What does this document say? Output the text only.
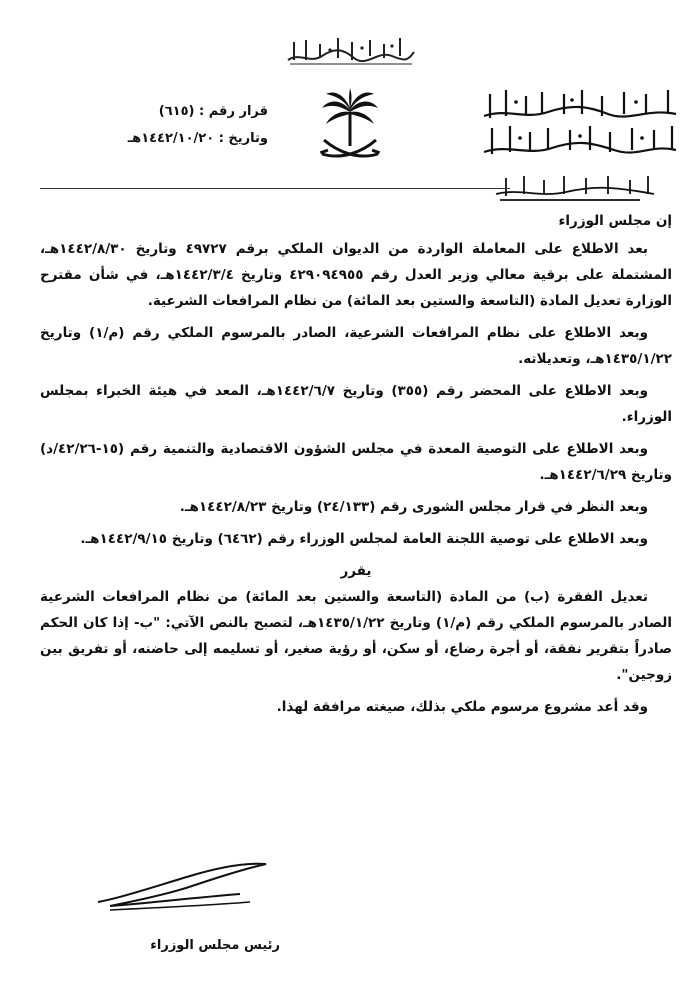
قرار رقم : (٦١٥)
وتاريخ : ١٤٤٢/١٠/٢٠هـ

إن مجلس الوزراء

بعد الاطلاع على المعاملة الواردة من الديوان الملكي برقم ٤٩٧٢٧ وتاريخ ١٤٤٢/٨/٣٠هـ، المشتملة على برقية معالي وزير العدل رقم ٤٢٩٠٩٤٩٥٥ وتاريخ ١٤٤٢/٣/٤هـ، في شأن مقترح الوزارة تعديل المادة (التاسعة والستين بعد المائة) من نظام المرافعات الشرعية.

وبعد الاطلاع على نظام المرافعات الشرعية، الصادر بالمرسوم الملكي رقم (م/١) وتاريخ ١٤٣٥/١/٢٢هـ، وتعديلاته.

وبعد الاطلاع على المحضر رقم (٣٥٥) وتاريخ ١٤٤٢/٦/٧هـ، المعد في هيئة الخبراء بمجلس الوزراء.

وبعد الاطلاع على التوصية المعدة في مجلس الشؤون الاقتصادية والتنمية رقم (١٥-٤٢/٢٦/د) وتاريخ ١٤٤٢/٦/٢٩هـ.

وبعد النظر في قرار مجلس الشورى رقم (٢٤/١٣٣) وتاريخ ١٤٤٢/٨/٢٣هـ.

وبعد الاطلاع على توصية اللجنة العامة لمجلس الوزراء رقم (٦٤٦٢) وتاريخ ١٤٤٢/٩/١٥هـ.

يقرر

تعديل الفقرة (ب) من المادة (التاسعة والستين بعد المائة) من نظام المرافعات الشرعية الصادر بالمرسوم الملكي رقم (م/١) وتاريخ ١٤٣٥/١/٢٢هـ، لتصبح بالنص الآتي: "ب- إذا كان الحكم صادراً بتقرير نفقة، أو أجرة رضاع، أو سكن، أو رؤية صغير، أو تسليمه إلى حاضنه، أو تفريق بين زوجين".

وقد أعد مشروع مرسوم ملكي بذلك، صيغته مرافقة لهذا.

رئيس مجلس الوزراء
